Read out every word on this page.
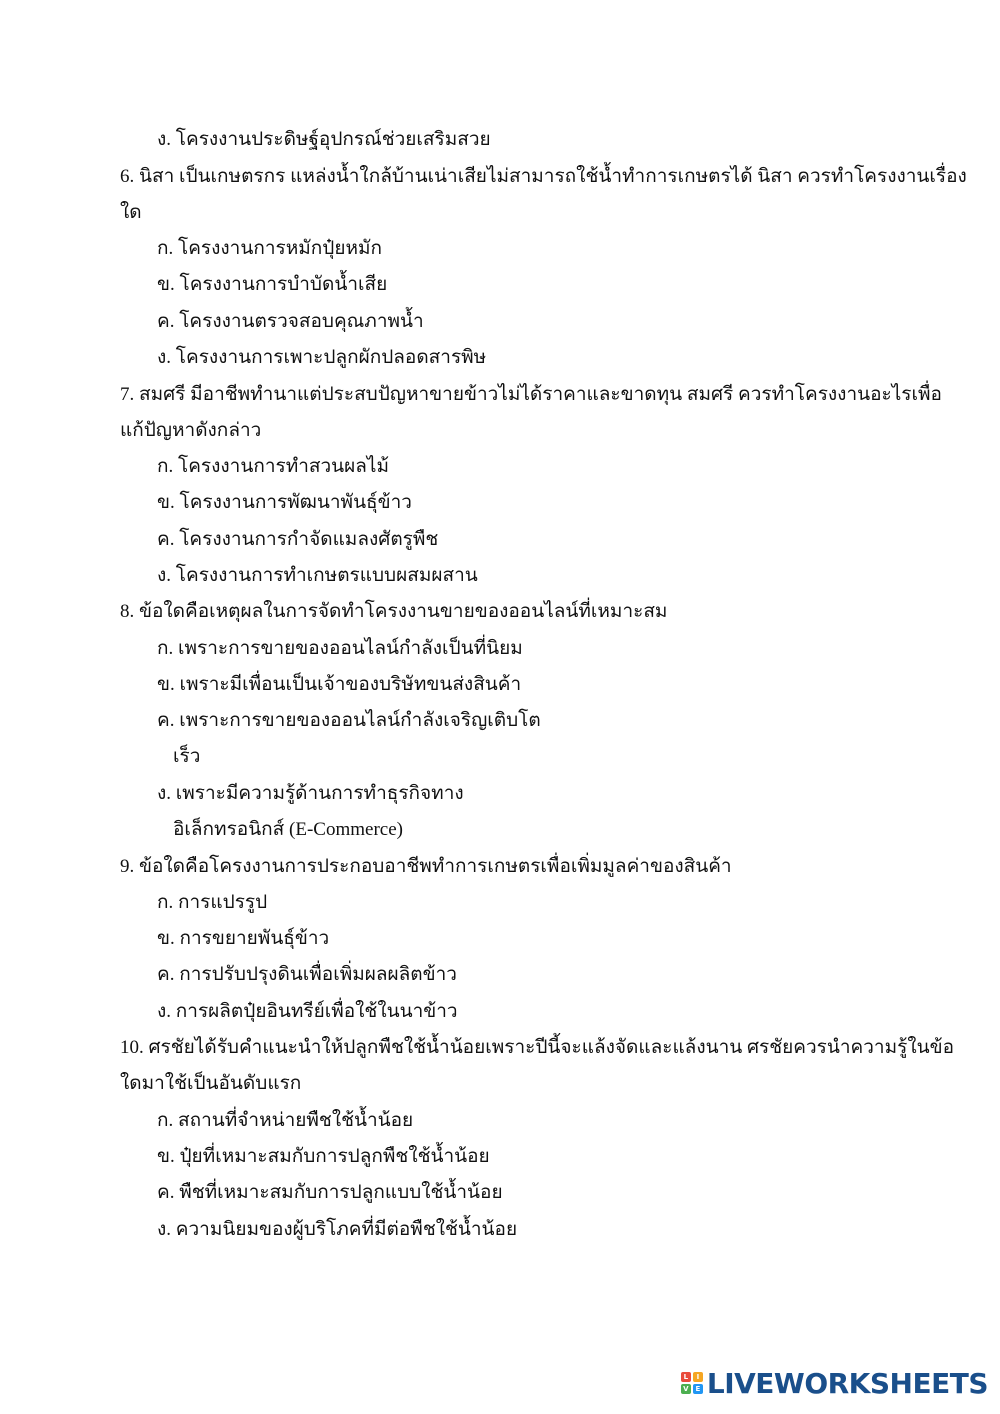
ง. โครงงานประดิษฐ์อุปกรณ์ช่วยเสริมสวย
6. นิสา เป็นเกษตรกร แหล่งน้ำใกล้บ้านเน่าเสียไม่สามารถใช้น้ำทำการเกษตรได้ นิสา ควรทำโครงงานเรื่อง
ใด
ก. โครงงานการหมักปุ๋ยหมัก
ข. โครงงานการบำบัดน้ำเสีย
ค. โครงงานตรวจสอบคุณภาพน้ำ
ง. โครงงานการเพาะปลูกผักปลอดสารพิษ
7. สมศรี มีอาชีพทำนาแต่ประสบปัญหาขายข้าวไม่ได้ราคาและขาดทุน สมศรี ควรทำโครงงานอะไรเพื่อ
แก้ปัญหาดังกล่าว
ก. โครงงานการทำสวนผลไม้
ข. โครงงานการพัฒนาพันธุ์ข้าว
ค. โครงงานการกำจัดแมลงศัตรูพืช
ง. โครงงานการทำเกษตรแบบผสมผสาน
8. ข้อใดคือเหตุผลในการจัดทำโครงงานขายของออนไลน์ที่เหมาะสม
ก. เพราะการขายของออนไลน์กำลังเป็นที่นิยม
ข. เพราะมีเพื่อนเป็นเจ้าของบริษัทขนส่งสินค้า
ค. เพราะการขายของออนไลน์กำลังเจริญเติบโต
เร็ว
ง. เพราะมีความรู้ด้านการทำธุรกิจทาง
อิเล็กทรอนิกส์ (E-Commerce)
9. ข้อใดคือโครงงานการประกอบอาชีพทำการเกษตรเพื่อเพิ่มมูลค่าของสินค้า
ก. การแปรรูป
ข. การขยายพันธุ์ข้าว
ค. การปรับปรุงดินเพื่อเพิ่มผลผลิตข้าว
ง. การผลิตปุ๋ยอินทรีย์เพื่อใช้ในนาข้าว
10. ศรชัยได้รับคำแนะนำให้ปลูกพืชใช้น้ำน้อยเพราะปีนี้จะแล้งจัดและแล้งนาน ศรชัยควรนำความรู้ในข้อ
ใดมาใช้เป็นอันดับแรก
ก. สถานที่จำหน่ายพืชใช้น้ำน้อย
ข. ปุ๋ยที่เหมาะสมกับการปลูกพืชใช้น้ำน้อย
ค. พืชที่เหมาะสมกับการปลูกแบบใช้น้ำน้อย
ง. ความนิยมของผู้บริโภคที่มีต่อพืชใช้น้ำน้อย
L	I
V E LIVEWORKSHEETS
